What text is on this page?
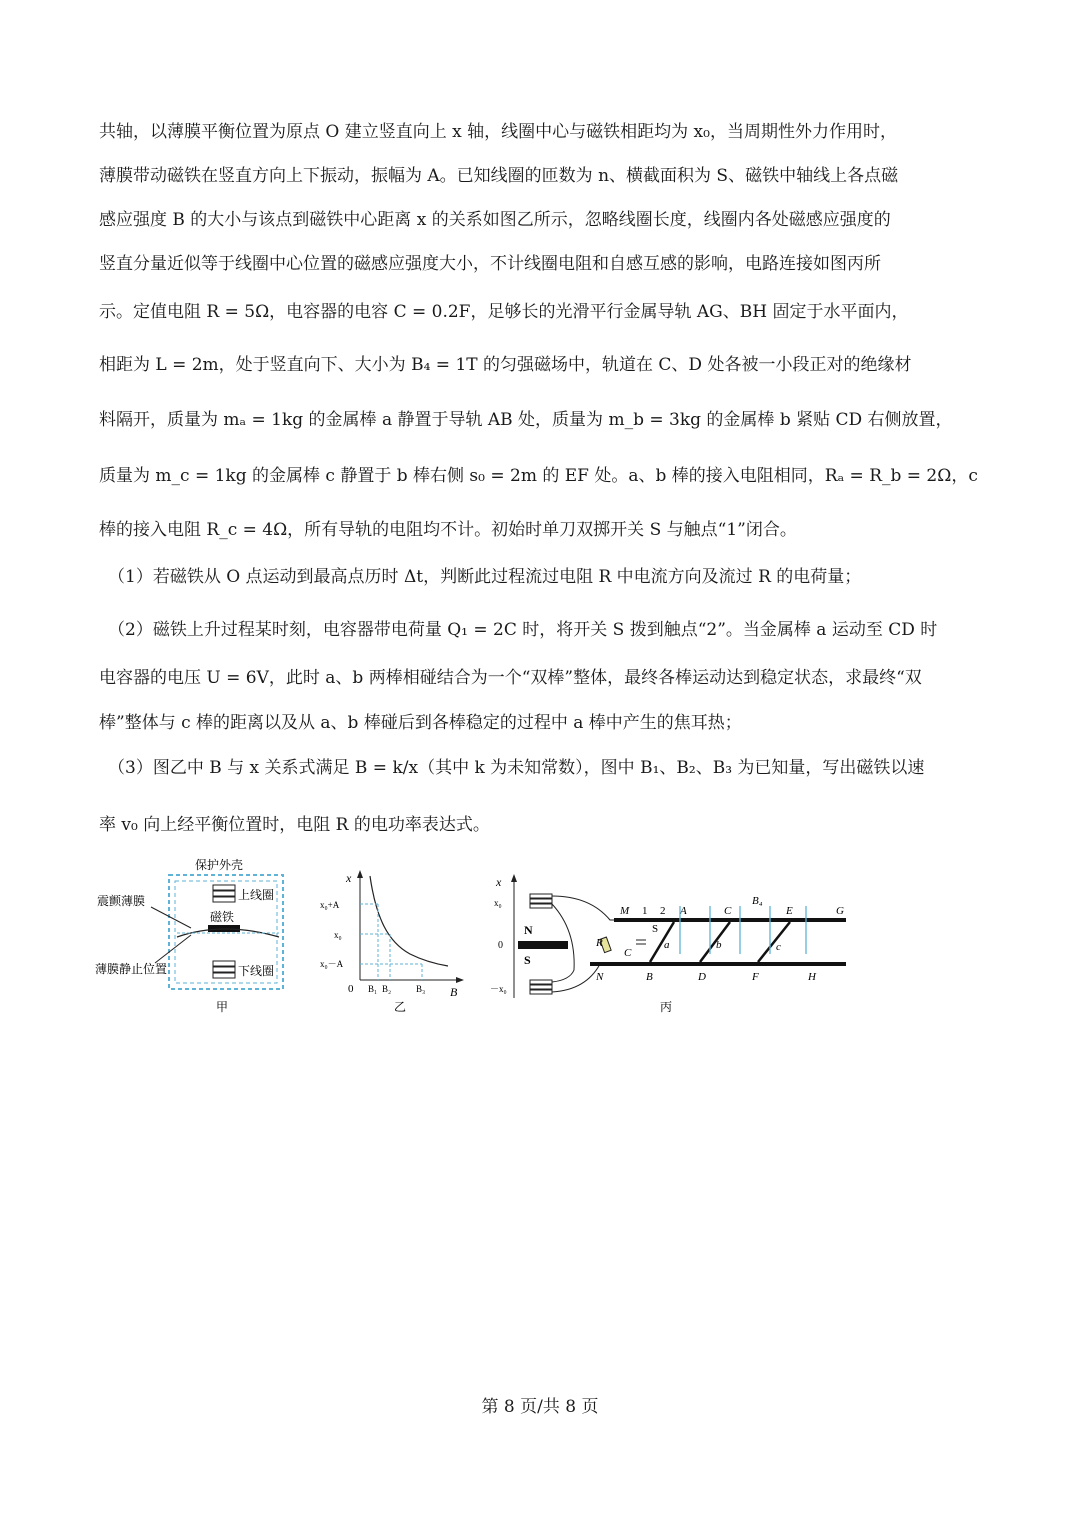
共轴，以薄膜平衡位置为原点 O 建立竖直向上 x 轴，线圈中心与磁铁相距均为 x₀，当周期性外力作用时，
薄膜带动磁铁在竖直方向上下振动，振幅为 A。已知线圈的匝数为 n、横截面积为 S、磁铁中轴线上各点磁
感应强度 B 的大小与该点到磁铁中心距离 x 的关系如图乙所示，忽略线圈长度，线圈内各处磁感应强度的
竖直分量近似等于线圈中心位置的磁感应强度大小，不计线圈电阻和自感互感的影响，电路连接如图丙所
示。定值电阻 R = 5Ω，电容器的电容 C = 0.2F，足够长的光滑平行金属导轨 AG、BH 固定于水平面内，
相距为 L = 2m，处于竖直向下、大小为 B₄ = 1T 的匀强磁场中，轨道在 C、D 处各被一小段正对的绝缘材
料隔开，质量为 mₐ = 1kg 的金属棒 a 静置于导轨 AB 处，质量为 m_b = 3kg 的金属棒 b 紧贴 CD 右侧放置，
质量为 m_c = 1kg 的金属棒 c 静置于 b 棒右侧 s₀ = 2m 的 EF 处。a、b 棒的接入电阻相同，Rₐ = R_b = 2Ω，c
棒的接入电阻 R_c = 4Ω，所有导轨的电阻均不计。初始时单刀双掷开关 S 与触点“1”闭合。
（1）若磁铁从 O 点运动到最高点历时 Δt，判断此过程流过电阻 R 中电流方向及流过 R 的电荷量；
（2）磁铁上升过程某时刻，电容器带电荷量 Q₁ = 2C 时，将开关 S 拨到触点“2”。当金属棒 a 运动至 CD 时
电容器的电压 U = 6V，此时 a、b 两棒相碰结合为一个“双棒”整体，最终各棒运动达到稳定状态，求最终“双
棒”整体与 c 棒的距离以及从 a、b 棒碰后到各棒稳定的过程中 a 棒中产生的焦耳热；
（3）图乙中 B 与 x 关系式满足 B = k/x（其中 k 为未知常数），图中 B₁、B₂、B₃ 为已知量，写出磁铁以速
率 v₀ 向上经平衡位置时，电阻 R 的电功率表达式。
保护外壳
上线圈
磁铁
下线圈
震颤薄膜
薄膜静止位置
甲
x
B
0
x₀+A
x₀
x₀－A
B₁ B₂	B₃
乙
x
x₀
0
－x₀
N
S
M 1 2
S
A	C
B₄
E	G
N	B	D	F	H
R
C
a	b	c
丙
第 8 页/共 8 页
